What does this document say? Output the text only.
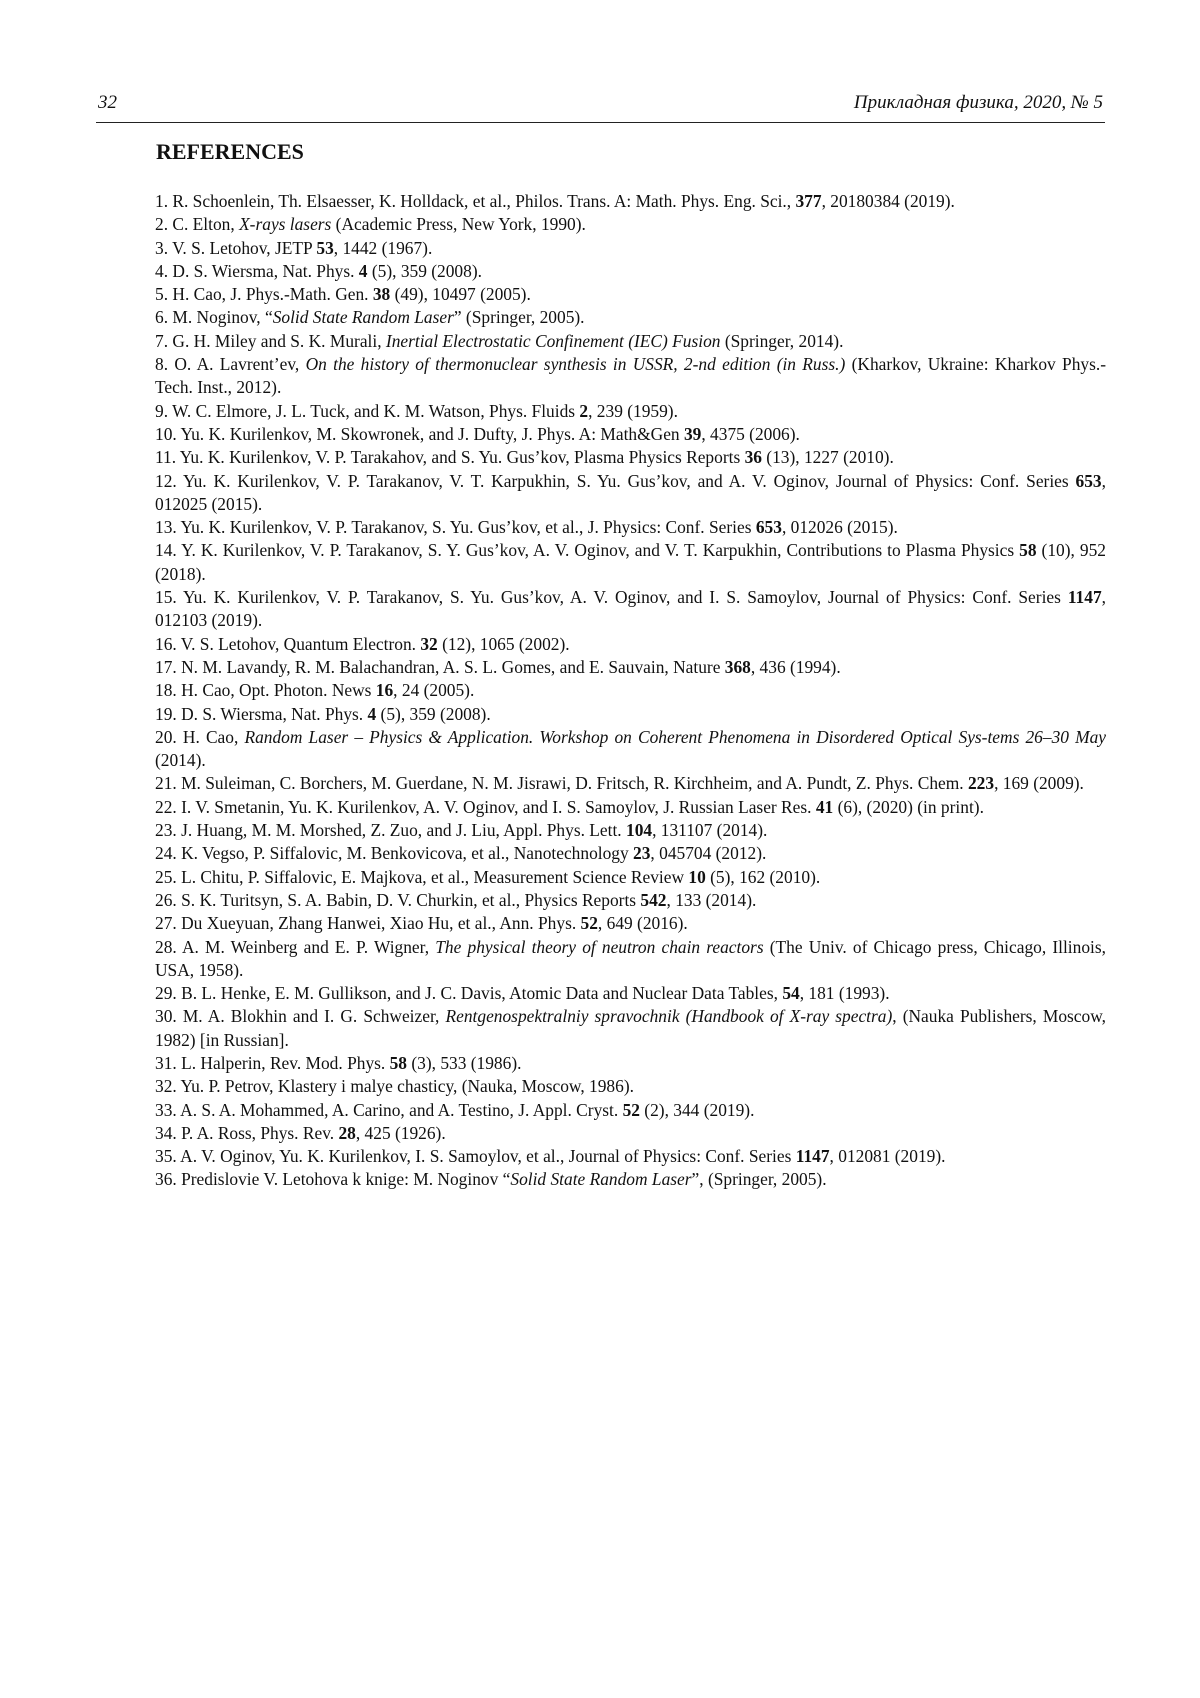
32	Прикладная физика, 2020, № 5
REFERENCES
1. R. Schoenlein, Th. Elsaesser, K. Holldack, et al., Philos. Trans. A: Math. Phys. Eng. Sci., 377, 20180384 (2019).
2. C. Elton, X-rays lasers (Academic Press, New York, 1990).
3. V. S. Letohov, JETP 53, 1442 (1967).
4. D. S. Wiersma, Nat. Phys. 4 (5), 359 (2008).
5. H. Cao, J. Phys.-Math. Gen. 38 (49), 10497 (2005).
6. M. Noginov, “Solid State Random Laser” (Springer, 2005).
7. G. H. Miley and S. K. Murali, Inertial Electrostatic Confinement (IEC) Fusion (Springer, 2014).
8. O. A. Lavrent’ev, On the history of thermonuclear synthesis in USSR, 2-nd edition (in Russ.) (Kharkov, Ukraine: Kharkov Phys.-Tech. Inst., 2012).
9. W. C. Elmore, J. L. Tuck, and K. M. Watson, Phys. Fluids 2, 239 (1959).
10. Yu. K. Kurilenkov, M. Skowronek, and J. Dufty, J. Phys. A: Math&Gen 39, 4375 (2006).
11. Yu. K. Kurilenkov, V. P. Tarakahov, and S. Yu. Gus’kov, Plasma Physics Reports 36 (13), 1227 (2010).
12. Yu. K. Kurilenkov, V. P. Tarakanov, V. T. Karpukhin, S. Yu. Gus’kov, and A. V. Oginov, Journal of Physics: Conf. Series 653, 012025 (2015).
13. Yu. K. Kurilenkov, V. P. Tarakanov, S. Yu. Gus’kov, et al., J. Physics: Conf. Series 653, 012026 (2015).
14. Y. K. Kurilenkov, V. P. Tarakanov, S. Y. Gus’kov, A. V. Oginov, and V. T. Karpukhin, Contributions to Plasma Physics 58 (10), 952 (2018).
15. Yu. K. Kurilenkov, V. P. Tarakanov, S. Yu. Gus’kov, A. V. Oginov, and I. S. Samoylov, Journal of Physics: Conf. Series 1147, 012103 (2019).
16. V. S. Letohov, Quantum Electron. 32 (12), 1065 (2002).
17. N. M. Lavandy, R. M. Balachandran, A. S. L. Gomes, and E. Sauvain, Nature 368, 436 (1994).
18. H. Cao, Opt. Photon. News 16, 24 (2005).
19. D. S. Wiersma, Nat. Phys. 4 (5), 359 (2008).
20. H. Cao, Random Laser – Physics & Application. Workshop on Coherent Phenomena in Disordered Optical Sys-tems 26–30 May (2014).
21. M. Suleiman, C. Borchers, M. Guerdane, N. M. Jisrawi, D. Fritsch, R. Kirchheim, and A. Pundt, Z. Phys. Chem. 223, 169 (2009).
22. I. V. Smetanin, Yu. K. Kurilenkov, A. V. Oginov, and I. S. Samoylov, J. Russian Laser Res. 41 (6), (2020) (in print).
23. J. Huang, M. M. Morshed, Z. Zuo, and J. Liu, Appl. Phys. Lett. 104, 131107 (2014).
24. K. Vegso, P. Siffalovic, M. Benkovicova, et al., Nanotechnology 23, 045704 (2012).
25. L. Chitu, P. Siffalovic, E. Majkova, et al., Measurement Science Review 10 (5), 162 (2010).
26. S. K. Turitsyn, S. A. Babin, D. V. Churkin, et al., Physics Reports 542, 133 (2014).
27. Du Xueyuan, Zhang Hanwei, Xiao Hu, et al., Ann. Phys. 52, 649 (2016).
28. A. M. Weinberg and E. P. Wigner, The physical theory of neutron chain reactors (The Univ. of Chicago press, Chicago, Illinois, USA, 1958).
29. B. L. Henke, E. M. Gullikson, and J. C. Davis, Atomic Data and Nuclear Data Tables, 54, 181 (1993).
30. M. A. Blokhin and I. G. Schweizer, Rentgenospektralniy spravochnik (Handbook of X-ray spectra), (Nauka Publishers, Moscow, 1982) [in Russian].
31. L. Halperin, Rev. Mod. Phys. 58 (3), 533 (1986).
32. Yu. P. Petrov, Klastery i malye chasticy, (Nauka, Moscow, 1986).
33. A. S. A. Mohammed, A. Carino, and A. Testino, J. Appl. Cryst. 52 (2), 344 (2019).
34. P. A. Ross, Phys. Rev. 28, 425 (1926).
35. A. V. Oginov, Yu. K. Kurilenkov, I. S. Samoylov, et al., Journal of Physics: Conf. Series 1147, 012081 (2019).
36. Predislovie V. Letohova k knige: M. Noginov “Solid State Random Laser”, (Springer, 2005).
